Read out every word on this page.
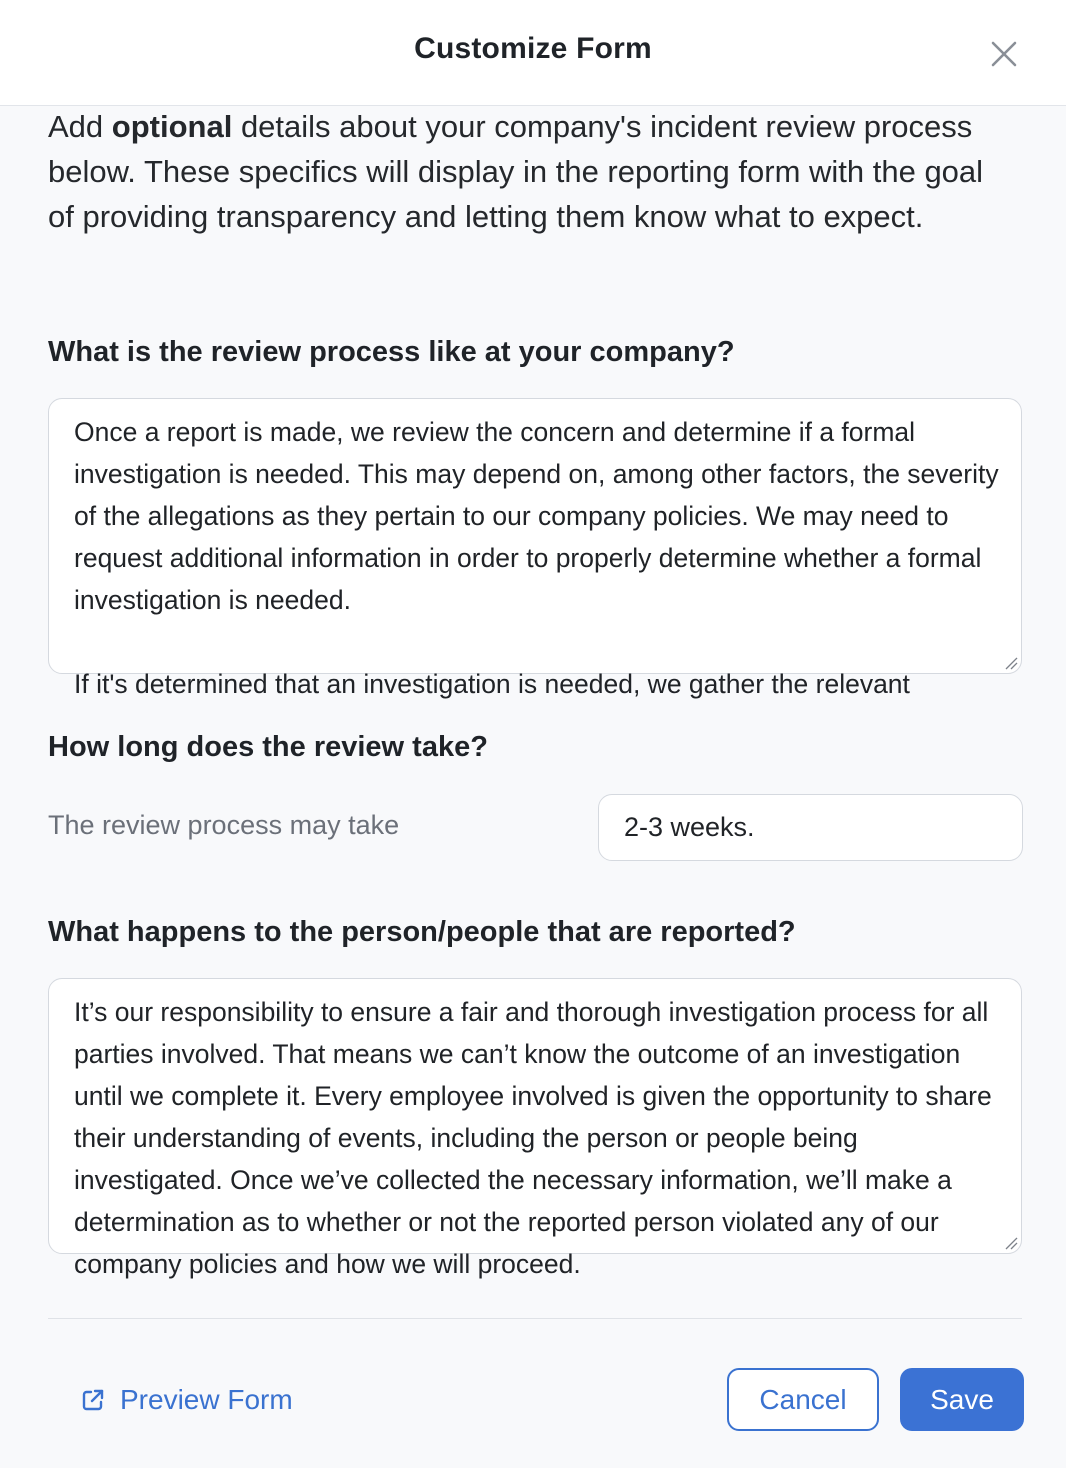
Customize Form
Add optional details about your company's incident review process below. These specifics will display in the reporting form with the goal of providing transparency and letting them know what to expect.
What is the review process like at your company?
Once a report is made, we review the concern and determine if a formal investigation is needed. This may depend on, among other factors, the severity of the allegations as they pertain to our company policies. We may need to request additional information in order to properly determine whether a formal investigation is needed.

If it's determined that an investigation is needed, we gather the relevant
How long does the review take?
The review process may take	2-3 weeks.
What happens to the person/people that are reported?
It’s our responsibility to ensure a fair and thorough investigation process for all parties involved. That means we can’t know the outcome of an investigation until we complete it. Every employee involved is given the opportunity to share their understanding of events, including the person or people being investigated. Once we’ve collected the necessary information, we’ll make a determination as to whether or not the reported person violated any of our company policies and how we will proceed.
Preview Form	Cancel	Save
